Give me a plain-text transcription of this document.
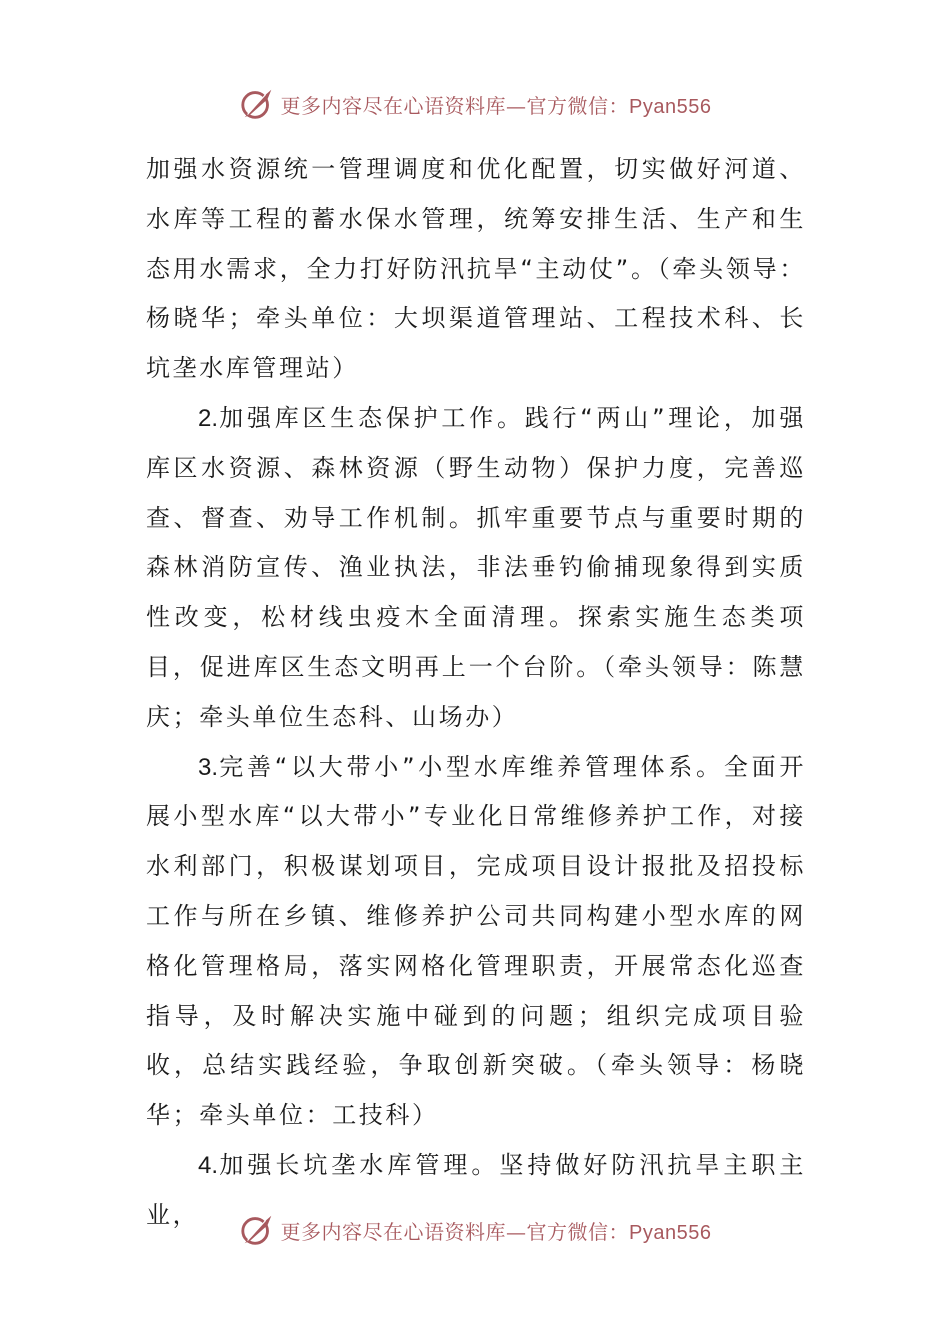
更多内容尽在心语资料库—官方微信：Pyan556

加强水资源统一管理调度和优化配置，切实做好河道、水库等工程的蓄水保水管理，统筹安排生活、生产和生态用水需求，全力打好防汛抗旱“主动仗”。（牵头领导：杨晓华；牵头单位：大坝渠道管理站、工程技术科、长坑垄水库管理站）

2.加强库区生态保护工作。践行“两山”理论，加强库区水资源、森林资源（野生动物）保护力度，完善巡查、督查、劝导工作机制。抓牢重要节点与重要时期的森林消防宣传、渔业执法，非法垂钓偷捕现象得到实质性改变，松材线虫疫木全面清理。探索实施生态类项目，促进库区生态文明再上一个台阶。（牵头领导：陈慧庆；牵头单位生态科、山场办）

3.完善“以大带小”小型水库维养管理体系。全面开展小型水库“以大带小”专业化日常维修养护工作，对接水利部门，积极谋划项目，完成项目设计报批及招投标工作与所在乡镇、维修养护公司共同构建小型水库的网格化管理格局，落实网格化管理职责，开展常态化巡查指导，及时解决实施中碰到的问题；组织完成项目验收，总结实践经验，争取创新突破。（牵头领导：杨晓华；牵头单位：工技科）

4.加强长坑垄水库管理。坚持做好防汛抗旱主职主业，

更多内容尽在心语资料库—官方微信：Pyan556
